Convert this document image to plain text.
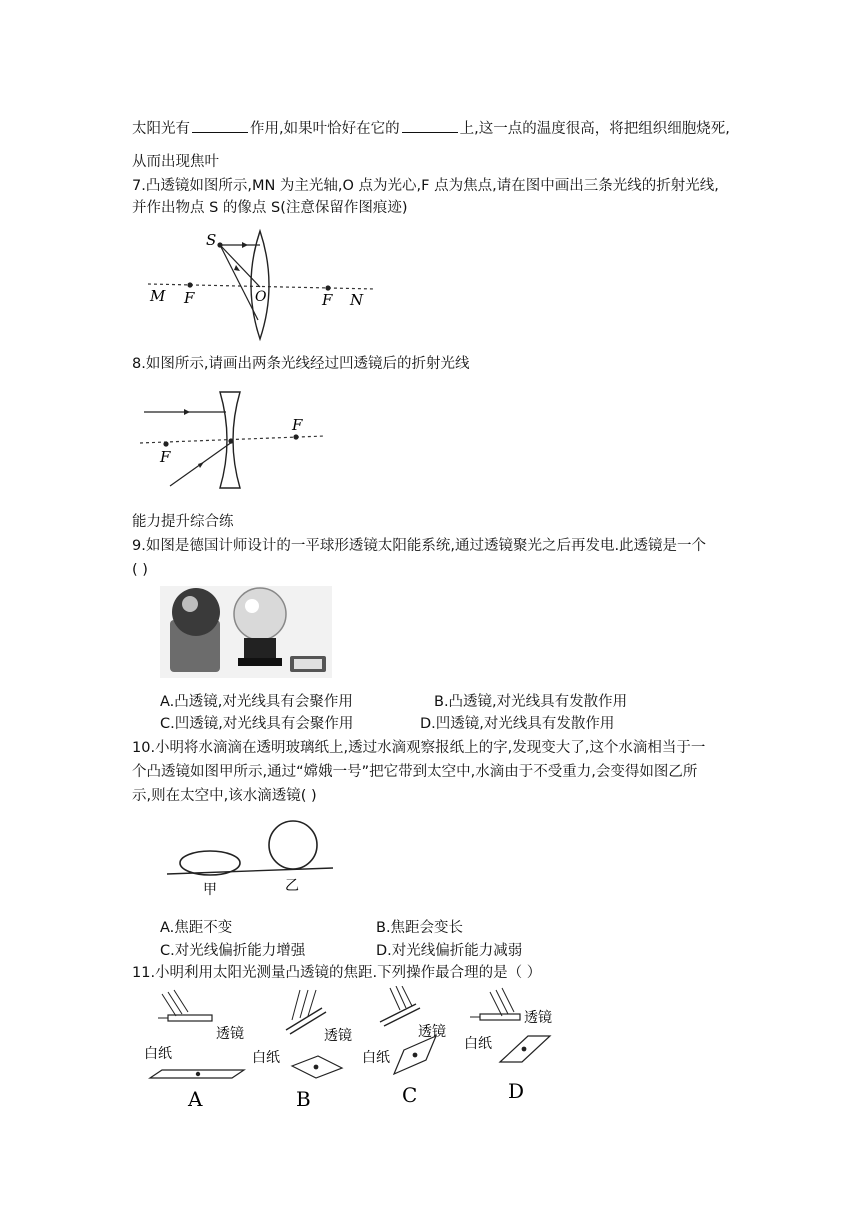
太阳光有	作用,如果叶恰好在它的	上,这一点的温度很高，将把组织细胞烧死,
从而出现焦叶
7.凸透镜如图所示,MN 为主光轴,O 点为光心,F 点为焦点,请在图中画出三条光线的折射光线,
并作出物点 S 的像点 S(注意保留作图痕迹)
S
M F	O	F N
8.如图所示,请画出两条光线经过凹透镜后的折射光线
F
F
能力提升综合练
9.如图是德国计师设计的一平球形透镜太阳能系统,通过透镜聚光之后再发电.此透镜是一个
( )
A.凸透镜,对光线具有会聚作用	B.凸透镜,对光线具有发散作用
C.凹透镜,对光线具有会聚作用	D.凹透镜,对光线具有发散作用
10.小明将水滴滴在透明玻璃纸上,透过水滴观察报纸上的字,发现变大了,这个水滴相当于一
个凸透镜如图甲所示,通过“嫦娥一号”把它带到太空中,水滴由于不受重力,会变得如图乙所
示,则在太空中,该水滴透镜( )
甲	乙
A.焦距不变	B.焦距会变长
C.对光线偏折能力增强	D.对光线偏折能力减弱
11.小明利用太阳光测量凸透镜的焦距.下列操作最合理的是（ ）
透镜
白纸
A
透镜
白纸
B
透镜
白纸
C
透镜
白纸
D
